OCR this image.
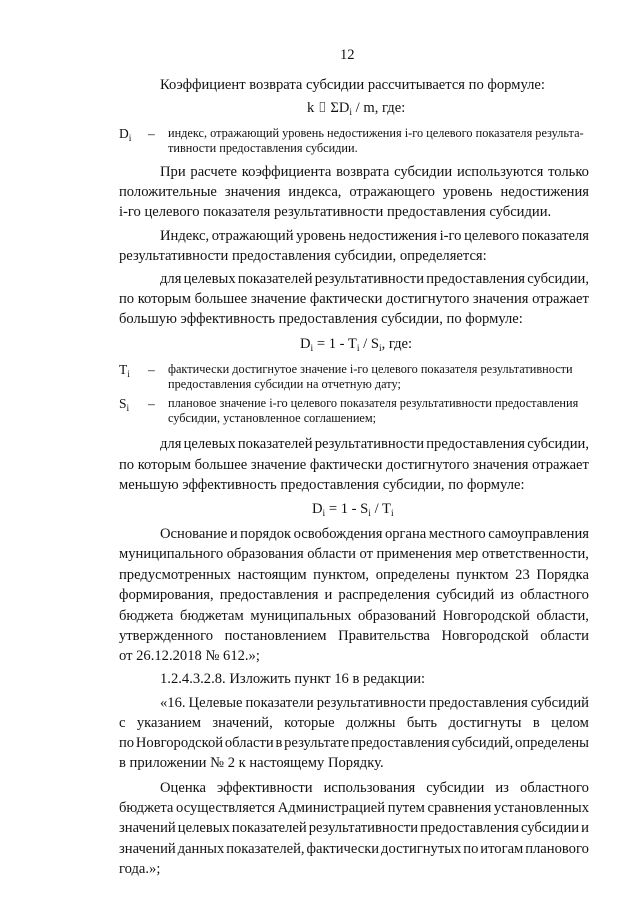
12
Коэффициент возврата субсидии рассчитывается по формуле:
k ⌷ $\Sigma D_i$ / m, где:
$D_i$ – индекс, отражающий уровень недостижения i-го целевого показателя результа-
тивности предоставления субсидии.
При расчете коэффициента возврата субсидии используются только
положительные значения индекса, отражающего уровень недостижения
i-го целевого показателя результативности предоставления субсидии.
Индекс, отражающий уровень недостижения i-го целевого показателя
результативности предоставления субсидии, определяется:
для целевых показателей результативности предоставления субсидии,
по которым большее значение фактически достигнутого значения отражает
большую эффективность предоставления субсидии, по формуле:
$D_i = 1 - T_i / S_i$, где:
$T_i$ – фактически достигнутое значение i-го целевого показателя результативности
предоставления субсидии на отчетную дату;
$S_i$ – плановое значение i-го целевого показателя результативности предоставления
субсидии, установленное соглашением;
для целевых показателей результативности предоставления субсидии,
по которым большее значение фактически достигнутого значения отражает
меньшую эффективность предоставления субсидии, по формуле:
$D_i = 1 - S_i / T_i$
Основание и порядок освобождения органа местного самоуправления
муниципального образования области от применения мер ответственности,
предусмотренных настоящим пунктом, определены пунктом 23 Порядка
формирования, предоставления и распределения субсидий из областного
бюджета бюджетам муниципальных образований Новгородской области,
утвержденного постановлением Правительства Новгородской области
от 26.12.2018 № 612.»;
1.2.4.3.2.8. Изложить пункт 16 в редакции:
«16. Целевые показатели результативности предоставления субсидий
с указанием значений, которые должны быть достигнуты в целом
по Новгородской области в результате предоставления субсидий, определены
в приложении № 2 к настоящему Порядку.
Оценка эффективности использования субсидии из областного
бюджета осуществляется Администрацией путем сравнения установленных
значений целевых показателей результативности предоставления субсидии и
значений данных показателей, фактически достигнутых по итогам планового
года.»;
